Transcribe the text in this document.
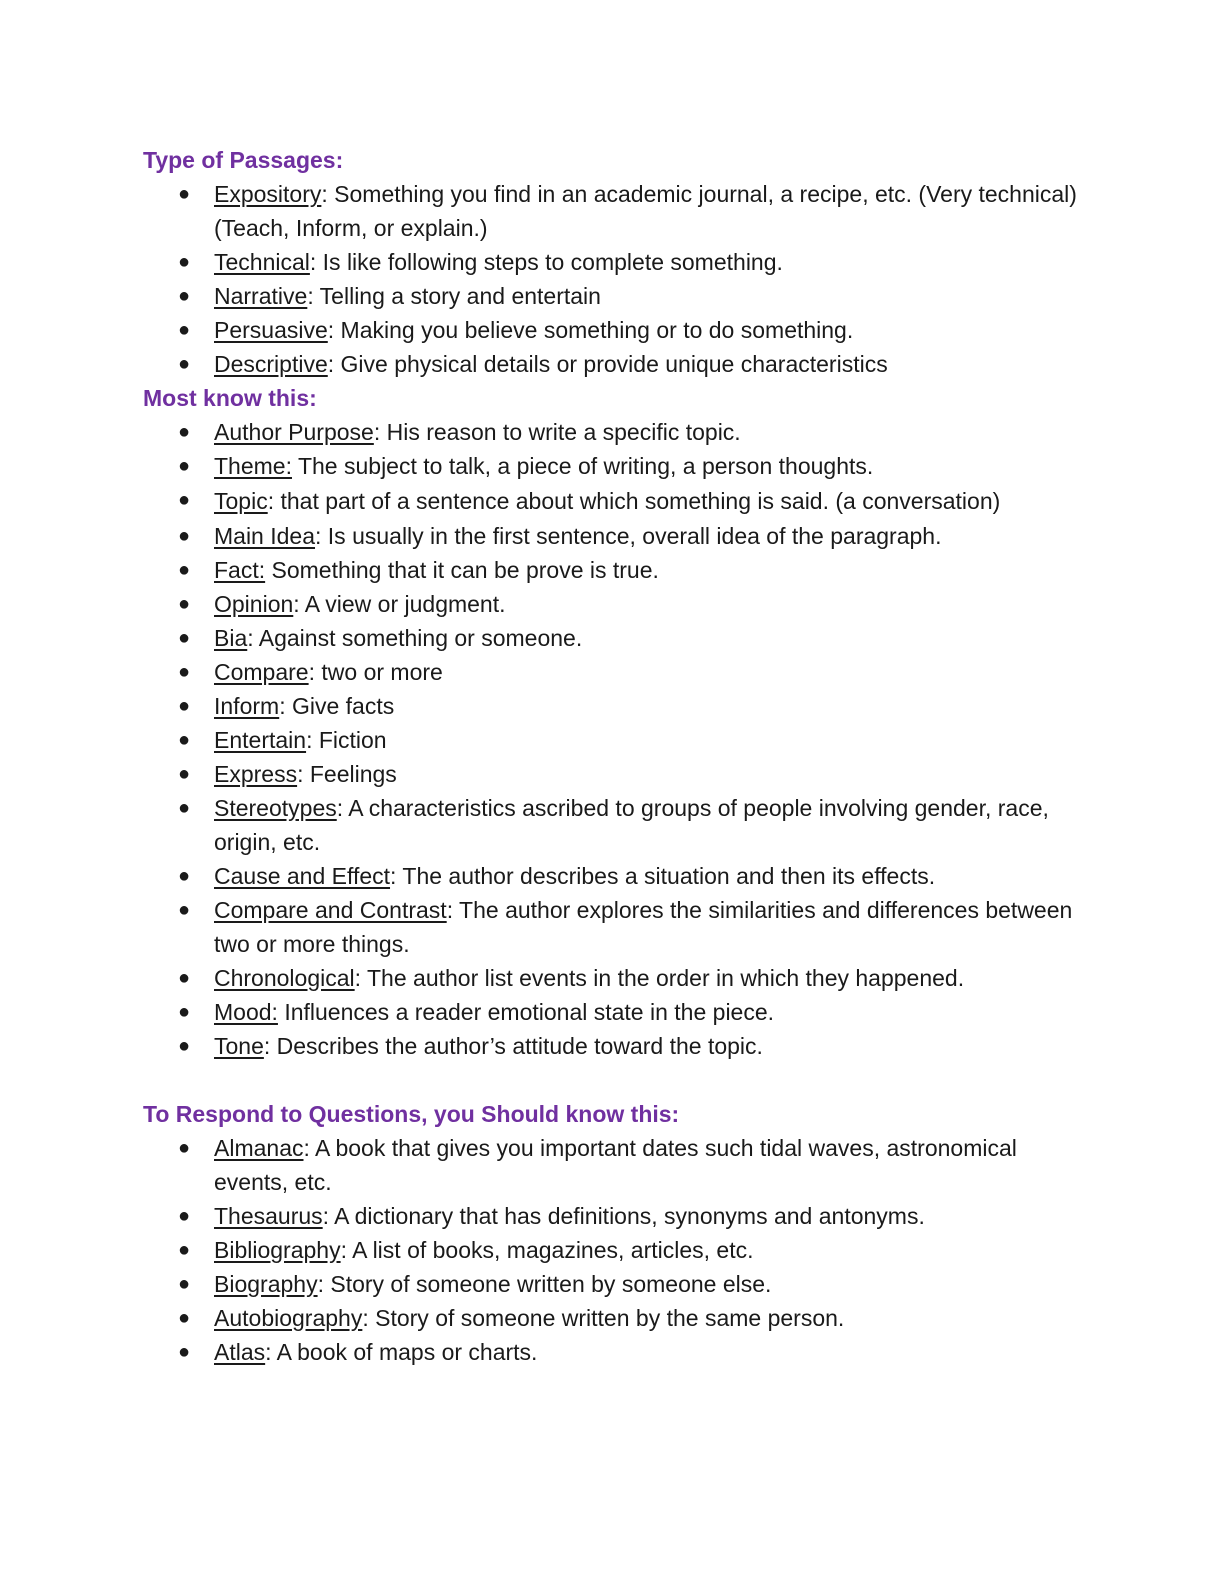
Type of Passages:
● Expository: Something you find in an academic journal, a recipe, etc. (Very technical) (Teach, Inform, or explain.)
● Technical: Is like following steps to complete something.
● Narrative: Telling a story and entertain
● Persuasive: Making you believe something or to do something.
● Descriptive: Give physical details or provide unique characteristics
Most know this:
● Author Purpose: His reason to write a specific topic.
● Theme: The subject to talk, a piece of writing, a person thoughts.
● Topic: that part of a sentence about which something is said. (a conversation)
● Main Idea: Is usually in the first sentence, overall idea of the paragraph.
● Fact: Something that it can be prove is true.
● Opinion: A view or judgment.
● Bia: Against something or someone.
● Compare: two or more
● Inform: Give facts
● Entertain: Fiction
● Express: Feelings
● Stereotypes: A characteristics ascribed to groups of people involving gender, race, origin, etc.
● Cause and Effect: The author describes a situation and then its effects.
● Compare and Contrast: The author explores the similarities and differences between two or more things.
● Chronological: The author list events in the order in which they happened.
● Mood: Influences a reader emotional state in the piece.
● Tone: Describes the author’s attitude toward the topic.
To Respond to Questions, you Should know this:
● Almanac: A book that gives you important dates such tidal waves, astronomical events, etc.
● Thesaurus: A dictionary that has definitions, synonyms and antonyms.
● Bibliography: A list of books, magazines, articles, etc.
● Biography: Story of someone written by someone else.
● Autobiography: Story of someone written by the same person.
● Atlas: A book of maps or charts.
